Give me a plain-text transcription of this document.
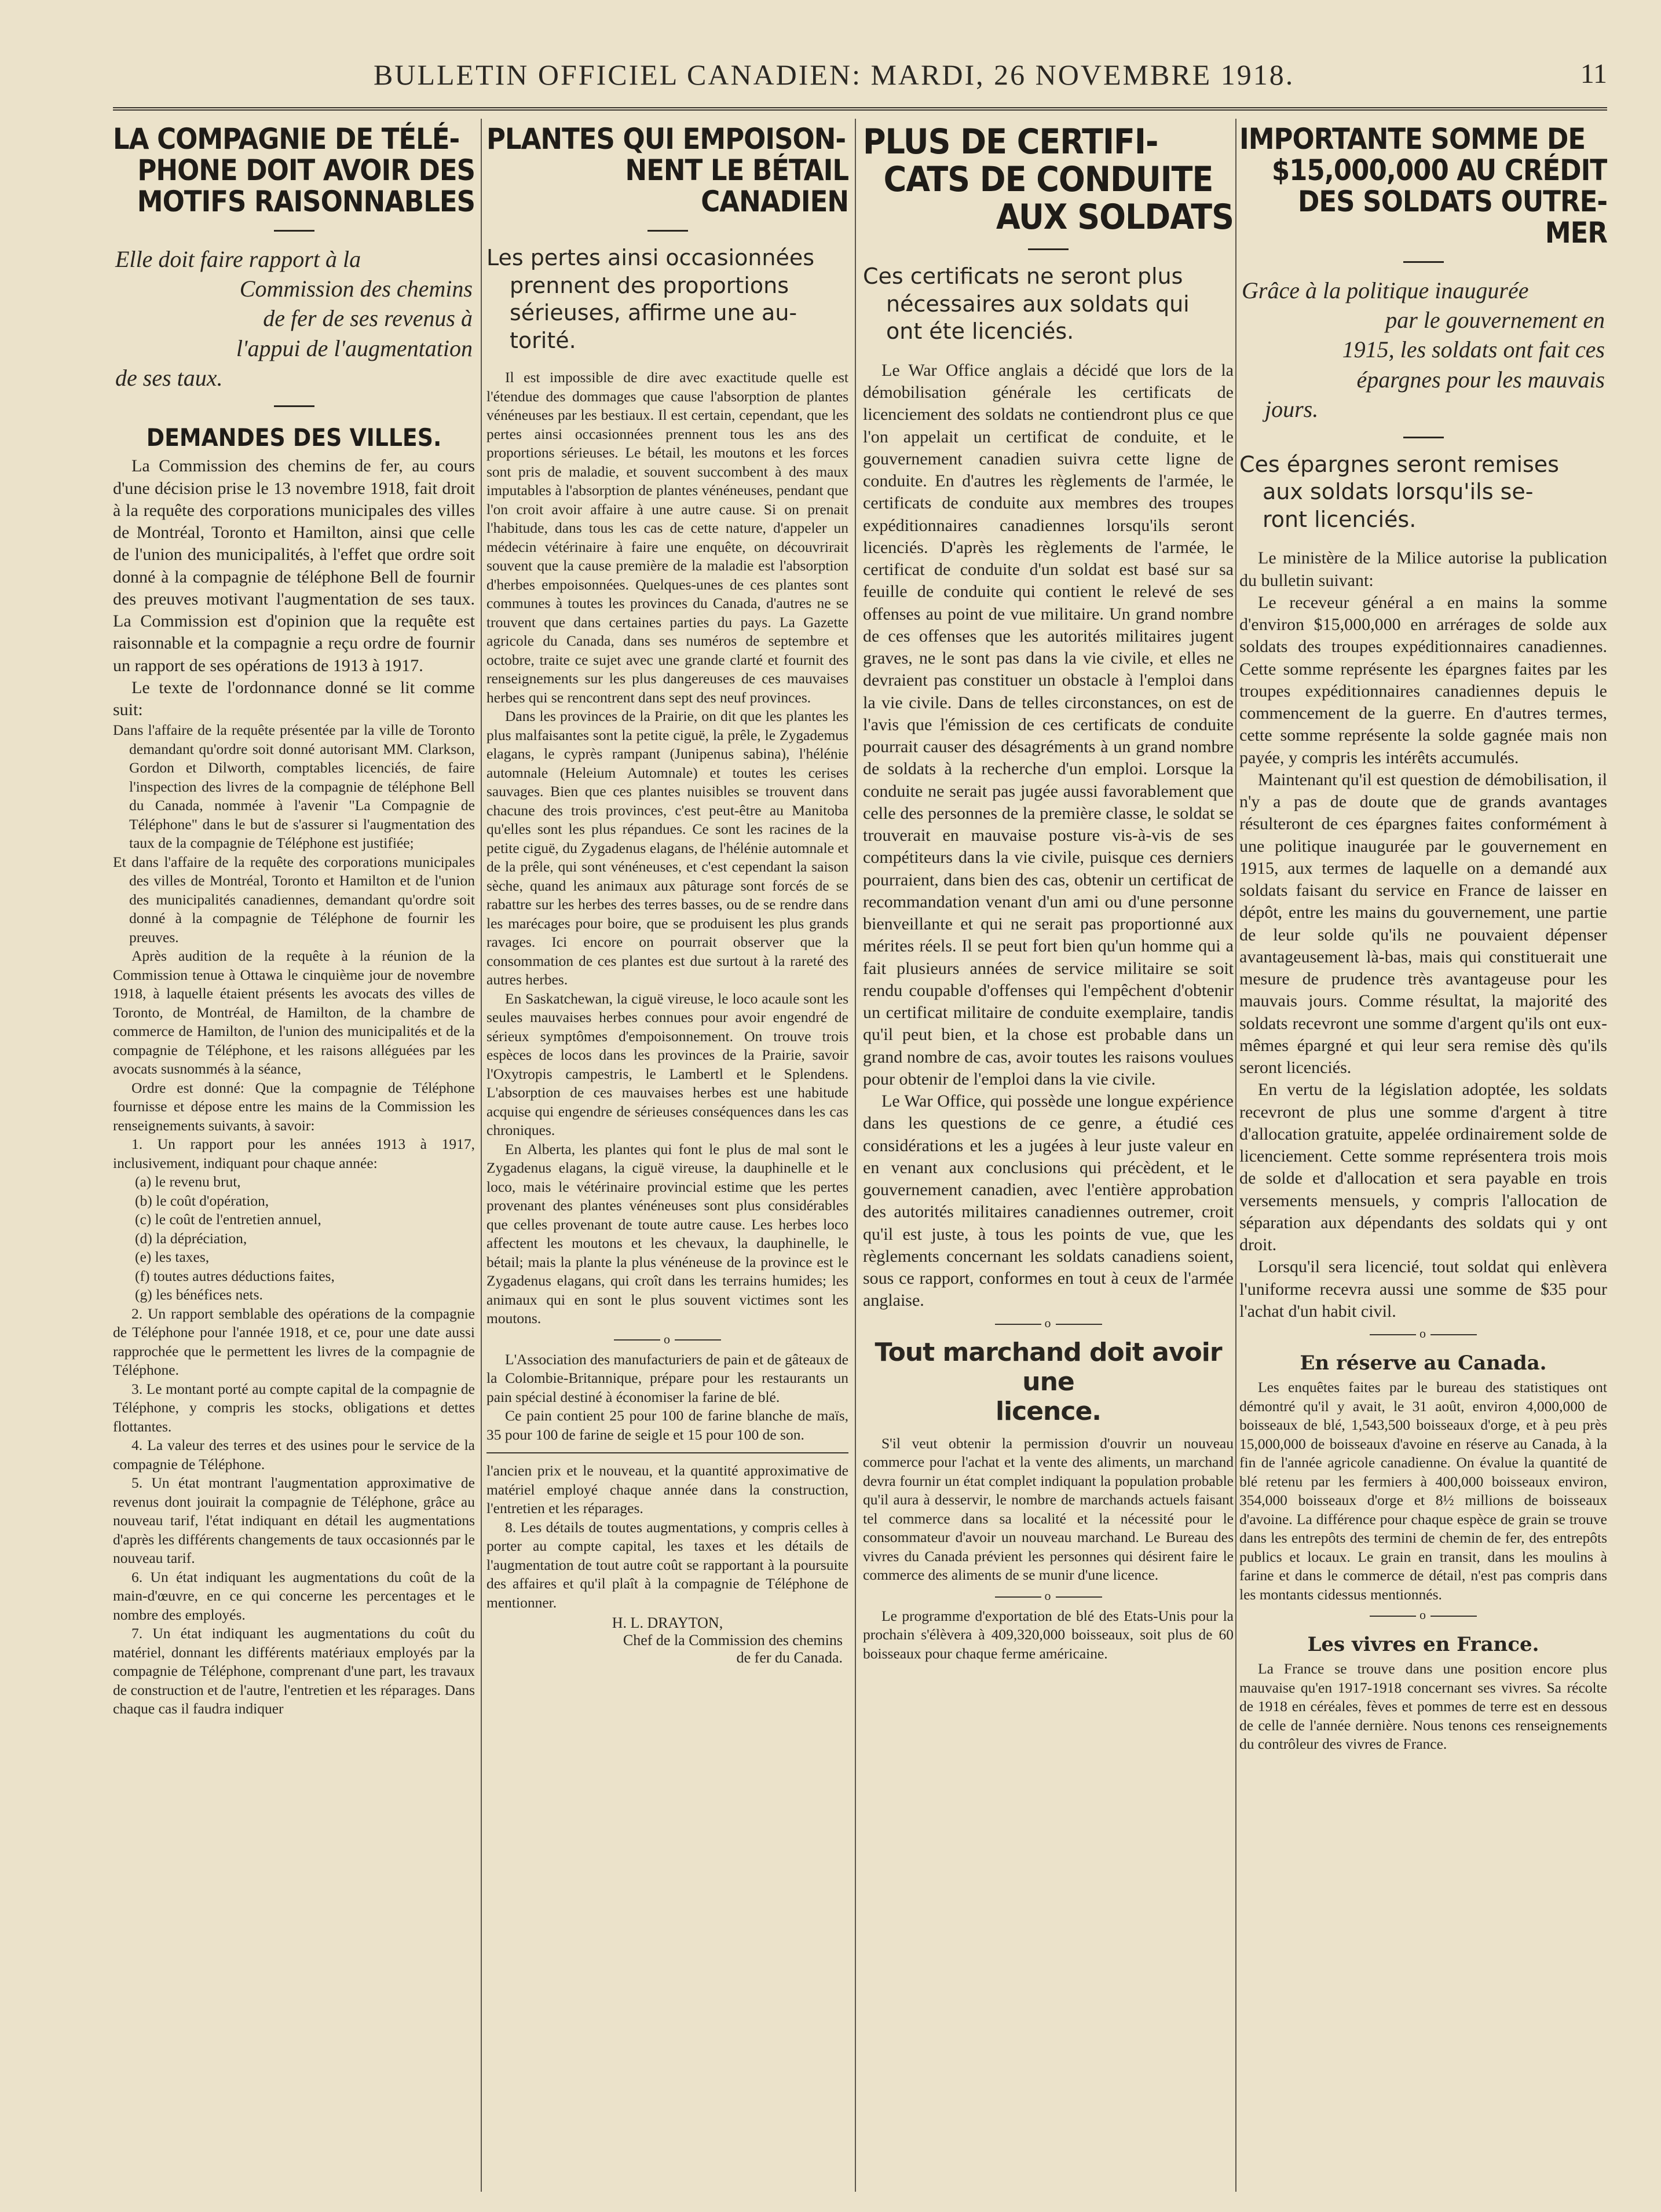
BULLETIN OFFICIEL CANADIEN: MARDI, 26 NOVEMBRE 1918.	11
LA COMPAGNIE DE TÉLÉ-
PHONE DOIT AVOIR DES
MOTIFS RAISONNABLES
Elle doit faire rapport à la
Commission des chemins
de fer de ses revenus à
l'appui de l'augmentation
de ses taux.
DEMANDES DES VILLES.

La Commission des chemins de fer, au cours d'une décision prise le 13 novembre 1918, fait droit à la requête des corporations municipales des villes de Montréal, Toronto et Hamilton, ainsi que celle de l'union des municipalités, à l'effet que ordre soit donné à la compagnie de téléphone Bell de fournir des preuves motivant l'augmentation de ses taux. La Commission est d'opinion que la requête est raisonnable et la compagnie a reçu ordre de fournir un rapport de ses opérations de 1913 à 1917.

Le texte de l'ordonnance donné se lit comme suit:

Dans l'affaire de la requête présentée par la ville de Toronto demandant qu'ordre soit donné autorisant MM. Clarkson, Gordon et Dilworth, comptables licenciés, de faire l'inspection des livres de la compagnie de téléphone Bell du Canada, nommée à l'avenir "La Compagnie de Téléphone" dans le but de s'assurer si l'augmentation des taux de la compagnie de Téléphone est justifiée;

Et dans l'affaire de la requête des corporations municipales des villes de Montréal, Toronto et Hamilton et de l'union des municipalités canadiennes, demandant qu'ordre soit donné à la compagnie de Téléphone de fournir les preuves.

Après audition de la requête à la réunion de la Commission tenue à Ottawa le cinquième jour de novembre 1918, à laquelle étaient présents les avocats des villes de Toronto, de Montréal, de Hamilton, de la chambre de commerce de Hamilton, de l'union des municipalités et de la compagnie de Téléphone, et les raisons alléguées par les avocats susnommés à la séance,

Ordre est donné: Que la compagnie de Téléphone fournisse et dépose entre les mains de la Commission les renseignements suivants, à savoir:

1. Un rapport pour les années 1913 à 1917, inclusivement, indiquant pour chaque année:

(a) le revenu brut,

(b) le coût d'opération,

(c) le coût de l'entretien annuel,

(d) la dépréciation,

(e) les taxes,

(f) toutes autres déductions faites,

(g) les bénéfices nets.

2. Un rapport semblable des opérations de la compagnie de Téléphone pour l'année 1918, et ce, pour une date aussi rapprochée que le permettent les livres de la compagnie de Téléphone.

3. Le montant porté au compte capital de la compagnie de Téléphone, y compris les stocks, obligations et dettes flottantes.

4. La valeur des terres et des usines pour le service de la compagnie de Téléphone.

5. Un état montrant l'augmentation approximative de revenus dont jouirait la compagnie de Téléphone, grâce au nouveau tarif, l'état indiquant en détail les augmentations d'après les différents changements de taux occasionnés par le nouveau tarif.

6. Un état indiquant les augmentations du coût de la main-d'œuvre, en ce qui concerne les percentages et le nombre des employés.

7. Un état indiquant les augmentations du coût du matériel, donnant les différents matériaux employés par la compagnie de Téléphone, comprenant d'une part, les travaux de construction et de l'autre, l'entretien et les réparages. Dans chaque cas il faudra indiquer

PLANTES QUI EMPOISON-
NENT LE BÉTAIL CANADIEN
Les pertes ainsi occasionnées
prennent des proportions
sérieuses, affirme une au-
torité.

Il est impossible de dire avec exactitude quelle est l'étendue des dommages que cause l'absorption de plantes vénéneuses par les bestiaux. Il est certain, cependant, que les pertes ainsi occasionnées prennent tous les ans des proportions sérieuses. Le bétail, les moutons et les forces sont pris de maladie, et souvent succombent à des maux imputables à l'absorption de plantes vénéneuses, pendant que l'on croit avoir affaire à une autre cause. Si on prenait l'habitude, dans tous les cas de cette nature, d'appeler un médecin vétérinaire à faire une enquête, on découvrirait souvent que la cause première de la maladie est l'absorption d'herbes empoisonnées. Quelques-unes de ces plantes sont communes à toutes les provinces du Canada, d'autres ne se trouvent que dans certaines parties du pays. La Gazette agricole du Canada, dans ses numéros de septembre et octobre, traite ce sujet avec une grande clarté et fournit des renseignements sur les plus dangereuses de ces mauvaises herbes qui se rencontrent dans sept des neuf provinces.

Dans les provinces de la Prairie, on dit que les plantes les plus malfaisantes sont la petite ciguë, la prêle, le Zygademus elagans, le cyprès rampant (Junipenus sabina), l'hélénie automnale (Heleium Automnale) et toutes les cerises sauvages. Bien que ces plantes nuisibles se trouvent dans chacune des trois provinces, c'est peut-être au Manitoba qu'elles sont les plus répandues. Ce sont les racines de la petite ciguë, du Zygadenus elagans, de l'hélénie automnale et de la prêle, qui sont vénéneuses, et c'est cependant la saison sèche, quand les animaux aux pâturage sont forcés de se rabattre sur les herbes des terres basses, ou de se rendre dans les marécages pour boire, que se produisent les plus grands ravages. Ici encore on pourrait observer que la consommation de ces plantes est due surtout à la rareté des autres herbes.

En Saskatchewan, la ciguë vireuse, le loco acaule sont les seules mauvaises herbes connues pour avoir engendré de sérieux symptômes d'empoisonnement. On trouve trois espèces de locos dans les provinces de la Prairie, savoir l'Oxytropis campestris, le Lambertl et le Splendens. L'absorption de ces mauvaises herbes est une habitude acquise qui engendre de sérieuses conséquences dans les cas chroniques.

En Alberta, les plantes qui font le plus de mal sont le Zygadenus elagans, la ciguë vireuse, la dauphinelle et le loco, mais le vétérinaire provincial estime que les pertes provenant des plantes vénéneuses sont plus considérables que celles provenant de toute autre cause. Les herbes loco affectent les moutons et les chevaux, la dauphinelle, le bétail; mais la plante la plus vénéneuse de la province est le Zygadenus elagans, qui croît dans les terrains humides; les animaux qui en sont le plus souvent victimes sont les moutons.

o

L'Association des manufacturiers de pain et de gâteaux de la Colombie-Britannique, prépare pour les restaurants un pain spécial destiné à économiser la farine de blé.

Ce pain contient 25 pour 100 de farine blanche de maïs, 35 pour 100 de farine de seigle et 15 pour 100 de son.

l'ancien prix et le nouveau, et la quantité approximative de matériel employé chaque année dans la construction, l'entretien et les réparages.

8. Les détails de toutes augmentations, y compris celles à porter au compte capital, les taxes et les détails de l'augmentation de tout autre coût se rapportant à la poursuite des affaires et qu'il plaît à la compagnie de Téléphone de mentionner.

H. L. DRAYTON,

Chef de la Commission des chemins

de fer du Canada.

PLUS DE CERTIFI-
CATS DE CONDUITE
AUX SOLDATS
Ces certificats ne seront plus
nécessaires aux soldats qui
ont éte licenciés.

Le War Office anglais a décidé que lors de la démobilisation générale les certificats de licenciement des soldats ne contiendront plus ce que l'on appelait un certificat de conduite, et le gouvernement canadien suivra cette ligne de conduite. En d'autres les règlements de l'armée, le certificats de conduite aux membres des troupes expéditionnaires canadiennes lorsqu'ils seront licenciés. D'après les règlements de l'armée, le certificat de conduite d'un soldat est basé sur sa feuille de conduite qui contient le relevé de ses offenses au point de vue militaire. Un grand nombre de ces offenses que les autorités militaires jugent graves, ne le sont pas dans la vie civile, et elles ne devraient pas constituer un obstacle à l'emploi dans la vie civile. Dans de telles circonstances, on est de l'avis que l'émission de ces certificats de conduite pourrait causer des désagréments à un grand nombre de soldats à la recherche d'un emploi. Lorsque la conduite ne serait pas jugée aussi favorablement que celle des personnes de la première classe, le soldat se trouverait en mauvaise posture vis-à-vis de ses compétiteurs dans la vie civile, puisque ces derniers pourraient, dans bien des cas, obtenir un certificat de recommandation venant d'un ami ou d'une personne bienveillante et qui ne serait pas proportionné aux mérites réels. Il se peut fort bien qu'un homme qui a fait plusieurs années de service militaire se soit rendu coupable d'offenses qui l'empêchent d'obtenir un certificat militaire de conduite exemplaire, tandis qu'il peut bien, et la chose est probable dans un grand nombre de cas, avoir toutes les raisons voulues pour obtenir de l'emploi dans la vie civile.

Le War Office, qui possède une longue expérience dans les questions de ce genre, a étudié ces considérations et les a jugées à leur juste valeur en en venant aux conclusions qui précèdent, et le gouvernement canadien, avec l'entière approbation des autorités militaires canadiennes outremer, croit qu'il est juste, à tous les points de vue, que les règlements concernant les soldats canadiens soient, sous ce rapport, conformes en tout à ceux de l'armée anglaise.

o
Tout marchand doit avoir une
licence.

S'il veut obtenir la permission d'ouvrir un nouveau commerce pour l'achat et la vente des aliments, un marchand devra fournir un état complet indiquant la population probable qu'il aura à desservir, le nombre de marchands actuels faisant tel commerce dans sa localité et la nécessité pour le consommateur d'avoir un nouveau marchand. Le Bureau des vivres du Canada prévient les personnes qui désirent faire le commerce des aliments de se munir d'une licence.

o

Le programme d'exportation de blé des Etats-Unis pour la prochain s'élèvera à 409,320,000 boisseaux, soit plus de 60 boisseaux pour chaque ferme américaine.

IMPORTANTE SOMME DE
$15,000,000 AU CRÉDIT
DES SOLDATS OUTRE-MER
Grâce à la politique inaugurée
par le gouvernement en
1915, les soldats ont fait ces
épargnes pour les mauvais
jours.
Ces épargnes seront remises
aux soldats lorsqu'ils se-
ront licenciés.

Le ministère de la Milice autorise la publication du bulletin suivant:

Le receveur général a en mains la somme d'environ $15,000,000 en arrérages de solde aux soldats des troupes expéditionnaires canadiennes. Cette somme représente les épargnes faites par les troupes expéditionnaires canadiennes depuis le commencement de la guerre. En d'autres termes, cette somme représente la solde gagnée mais non payée, y compris les intérêts accumulés.

Maintenant qu'il est question de démobilisation, il n'y a pas de doute que de grands avantages résulteront de ces épargnes faites conformément à une politique inaugurée par le gouvernement en 1915, aux termes de laquelle on a demandé aux soldats faisant du service en France de laisser en dépôt, entre les mains du gouvernement, une partie de leur solde qu'ils ne pouvaient dépenser avantageusement là-bas, mais qui constituerait une mesure de prudence très avantageuse pour les mauvais jours. Comme résultat, la majorité des soldats recevront une somme d'argent qu'ils ont eux-mêmes épargné et qui leur sera remise dès qu'ils seront licenciés.

En vertu de la législation adoptée, les soldats recevront de plus une somme d'argent à titre d'allocation gratuite, appelée ordinairement solde de licenciement. Cette somme représentera trois mois de solde et d'allocation et sera payable en trois versements mensuels, y compris l'allocation de séparation aux dépendants des soldats qui y ont droit.

Lorsqu'il sera licencié, tout soldat qui enlèvera l'uniforme recevra aussi une somme de $35 pour l'achat d'un habit civil.

o
En réserve au Canada.

Les enquêtes faites par le bureau des statistiques ont démontré qu'il y avait, le 31 août, environ 4,000,000 de boisseaux de blé, 1,543,500 boisseaux d'orge, et à peu près 15,000,000 de boisseaux d'avoine en réserve au Canada, à la fin de l'année agricole canadienne. On évalue la quantité de blé retenu par les fermiers à 400,000 boisseaux environ, 354,000 boisseaux d'orge et 8½ millions de boisseaux d'avoine. La différence pour chaque espèce de grain se trouve dans les entrepôts des termini de chemin de fer, des entrepôts publics et locaux. Le grain en transit, dans les moulins à farine et dans le commerce de détail, n'est pas compris dans les montants cidessus mentionnés.

o
Les vivres en France.

La France se trouve dans une position encore plus mauvaise qu'en 1917-1918 concernant ses vivres. Sa récolte de 1918 en céréales, fèves et pommes de terre est en dessous de celle de l'année dernière. Nous tenons ces renseignements du contrôleur des vivres de France.
